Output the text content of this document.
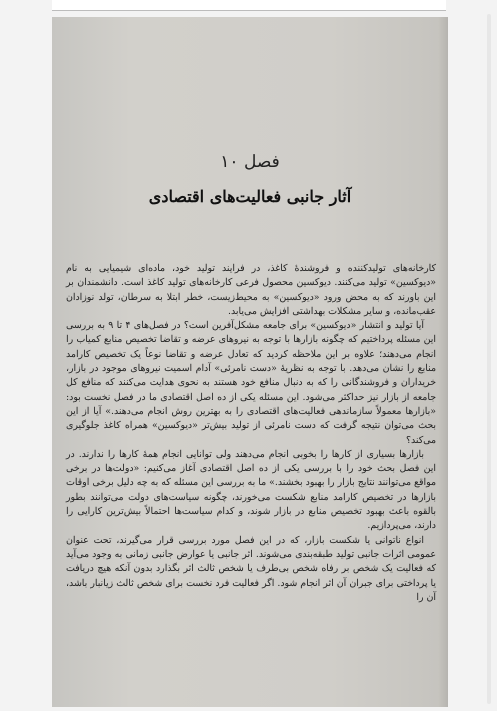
فصل ۱۰
آثار جانبی فعالیت‌های اقتصادی

کارخانه‌های تولیدکننده و فروشندهٔ کاغذ، در فرایند تولید خود، ماده‌ای شیمیایی به نام «دیوکسین» تولید می‌کنند. دیوکسین محصول فرعی کارخانه‌های تولید کاغذ است. دانشمندان بر این باورند که به محض ورود «دیوکسین» به محیط‌زیست، خطر ابتلا به سرطان، تولد نوزادان عقب‌مانده، و سایر مشکلات بهداشتی افزایش می‌یابد.

آیا تولید و انتشار «دیوکسین» برای جامعه مشکل‌آفرین است؟ در فصل‌های ۴ تا ۹ به بررسی این مسئله پرداختیم که چگونه بازارها با توجه به نیروهای عرضه و تقاضا تخصیص منابع کمیاب را انجام می‌دهند؛ علاوه بر این ملاحظه کردید که تعادل عرضه و تقاضا نوعاً یک تخصیص کارامد منابع را نشان می‌دهد. با توجه به نظریهٔ «دست نامرئی» آدام اسمیت نیروهای موجود در بازار، خریداران و فروشندگانی را که به دنبال منافع خود هستند به نحوی هدایت می‌کنند که منافع کل جامعه از بازار نیز حداکثر می‌شود. این مسئله یکی از ده اصل اقتصادی ما در فصل نخست بود: «بازارها معمولاً سازماندهی فعالیت‌های اقتصادی را به بهترین روش انجام می‌دهند.» آیا از این بحث می‌توان نتیجه گرفت که دست نامرئی از تولید بیش‌تر «دیوکسین» همراه کاغذ جلوگیری می‌کند؟

بازارها بسیاری از کارها را بخوبی انجام می‌دهند ولی توانایی انجام همهٔ کارها را ندارند. در این فصل بحث خود را با بررسی یکی از ده اصل اقتصادی آغاز می‌کنیم: «دولت‌ها در برخی مواقع می‌توانند نتایج بازار را بهبود بخشند.» ما به بررسی این مسئله که به چه دلیل برخی اوقات بازارها در تخصیص کارامد منابع شکست می‌خورند، چگونه سیاست‌های دولت می‌توانند بطور بالقوه باعث بهبود تخصیص منابع در بازار شوند، و کدام سیاست‌ها احتمالاً بیش‌ترین کارایی را دارند، می‌پردازیم.

انواع ناتوانی یا شکست بازار، که در این فصل مورد بررسی قرار می‌گیرند، تحت عنوان عمومی اثرات جانبی تولید طبقه‌بندی می‌شوند. اثر جانبی یا عوارض جانبی زمانی به وجود می‌آید که فعالیت یک شخص بر رفاه شخص بی‌طرف یا شخص ثالث اثر بگذارد بدون آنکه هیچ دریافت یا پرداختی برای جبران آن اثر انجام شود. اگر فعالیت فرد نخست برای شخص ثالث زیانبار باشد، آن را
